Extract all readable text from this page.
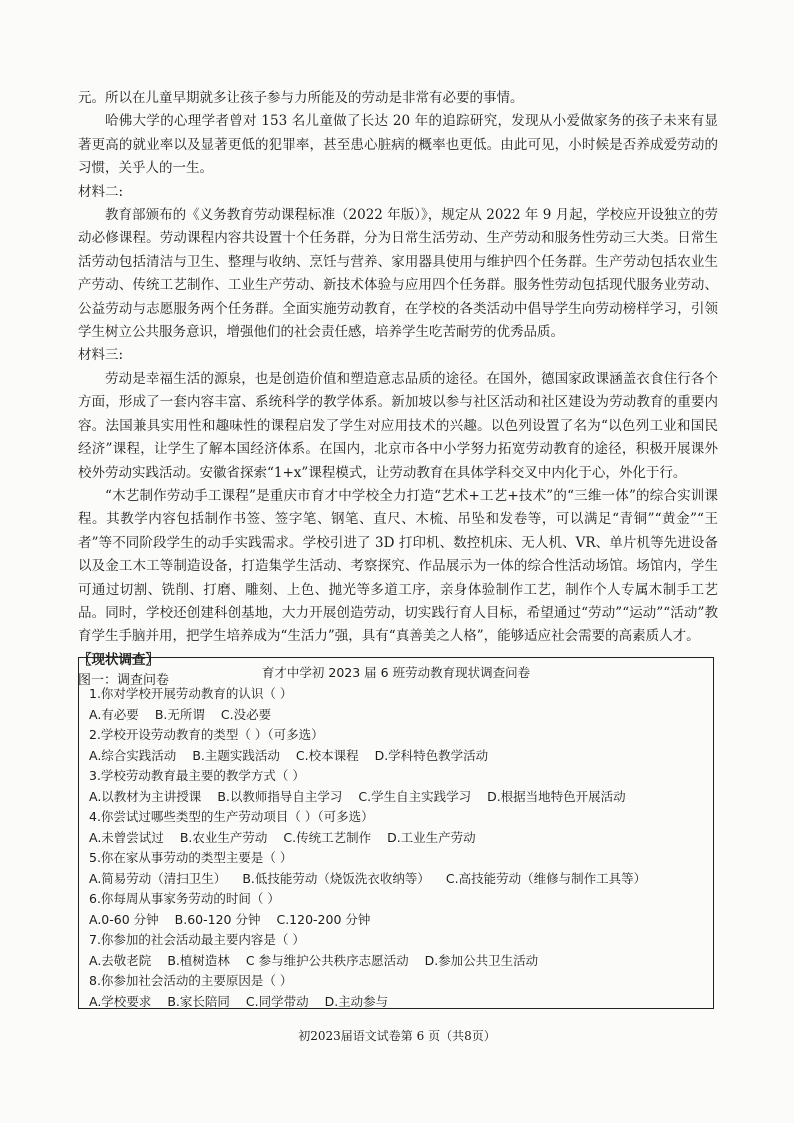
元。所以在儿童早期就多让孩子参与力所能及的劳动是非常有必要的事情。

哈佛大学的心理学者曾对 153 名儿童做了长达 20 年的追踪研究，发现从小爱做家务的孩子未来有显著更高的就业率以及显著更低的犯罪率，甚至患心脏病的概率也更低。由此可见，小时候是否养成爱劳动的习惯，关乎人的一生。

材料二:

教育部颁布的《义务教育劳动课程标准（2022 年版）》，规定从 2022 年 9 月起，学校应开设独立的劳动必修课程。劳动课程内容共设置十个任务群，分为日常生活劳动、生产劳动和服务性劳动三大类。日常生活劳动包括清洁与卫生、整理与收纳、烹饪与营养、家用器具使用与维护四个任务群。生产劳动包括农业生产劳动、传统工艺制作、工业生产劳动、新技术体验与应用四个任务群。服务性劳动包括现代服务业劳动、公益劳动与志愿服务两个任务群。全面实施劳动教育，在学校的各类活动中倡导学生向劳动榜样学习，引领学生树立公共服务意识，增强他们的社会责任感，培养学生吃苦耐劳的优秀品质。

材料三:

劳动是幸福生活的源泉，也是创造价值和塑造意志品质的途径。在国外，德国家政课涵盖衣食住行各个方面，形成了一套内容丰富、系统科学的教学体系。新加坡以参与社区活动和社区建设为劳动教育的重要内容。法国兼具实用性和趣味性的课程启发了学生对应用技术的兴趣。以色列设置了名为“以色列工业和国民经济”课程，让学生了解本国经济体系。在国内，北京市各中小学努力拓宽劳动教育的途径，积极开展课外校外劳动实践活动。安徽省探索“1+x”课程模式，让劳动教育在具体学科交叉中内化于心，外化于行。

“木艺制作劳动手工课程”是重庆市育才中学校全力打造“艺术+工艺+技术”的“三维一体”的综合实训课程。其教学内容包括制作书签、签字笔、钢笔、直尺、木梳、吊坠和发卷等，可以满足“青铜”“黄金”“王者”等不同阶段学生的动手实践需求。学校引进了 3D 打印机、数控机床、无人机、VR、单片机等先进设备以及金工木工等制造设备，打造集学生活动、考察探究、作品展示为一体的综合性活动场馆。场馆内，学生可通过切割、铣削、打磨、雕刻、上色、抛光等多道工序，亲身体验制作工艺，制作个人专属木制手工艺品。同时，学校还创建科创基地，大力开展创造劳动，切实践行育人目标，希望通过“劳动”“运动”“活动”教育学生手脑并用，把学生培养成为“生活力”强，具有“真善美之人格”，能够适应社会需要的高素质人才。

〖现状调查〗

图一：调查问卷

育才中学初 2023 届 6 班劳动教育现状调查问卷

1.你对学校开展劳动教育的认识（ ）

A.有必要 B.无所谓 C.没必要

2.学校开设劳动教育的类型（ ）（可多选）

A.综合实践活动 B.主题实践活动 C.校本课程 D.学科特色教学活动

3.学校劳动教育最主要的教学方式（ ）

A.以教材为主讲授课 B.以教师指导自主学习 C.学生自主实践学习 D.根据当地特色开展活动

4.你尝试过哪些类型的生产劳动项目（ ）（可多选）

A.未曾尝试过 B.农业生产劳动 C.传统工艺制作 D.工业生产劳动

5.你在家从事劳动的类型主要是（ ）

A.简易劳动（清扫卫生） B.低技能劳动（烧饭洗衣收纳等） C.高技能劳动（维修与制作工具等）

6.你每周从事家务劳动的时间（ ）

A.0-60 分钟 B.60-120 分钟 C.120-200 分钟

7.你参加的社会活动最主要内容是（ ）

A.去敬老院 B.植树造林 C 参与维护公共秩序志愿活动 D.参加公共卫生活动

8.你参加社会活动的主要原因是（ ）

A.学校要求 B.家长陪同 C.同学带动 D.主动参与

初2023届语文试卷第 6 页（共8页）
